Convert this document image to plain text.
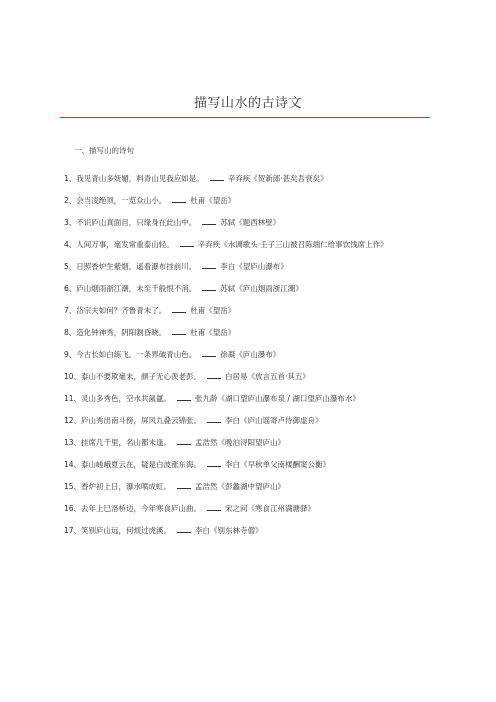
描写山水的古诗文
一、描写山的诗句
1、我见青山多妩媚，料青山见我应如是。	辛弃疾《贺新郎·甚矣吾衰矣》
2、会当凌绝顶，一览众山小。	杜甫《望岳》
3、不识庐山真面目，只缘身在此山中。	苏轼《题西林壁》
4、人间万事，毫发常重泰山轻。	辛弃疾《水调歌头·壬子三山被召陈端仁给事饮饯席上作》
5、日照香炉生紫烟，遥看瀑布挂前川。	李白《望庐山瀑布》
6、庐山烟雨浙江潮，未至千般恨不消。	苏轼《庐山烟雨浙江潮》
7、岱宗夫如何？齐鲁青未了。	杜甫《望岳》
8、造化钟神秀，阴阳割昏晓。	杜甫《望岳》
9、今古长如白练飞，一条界破青山色。	徐凝《庐山瀑布》
10、泰山不要欺毫末，颜子无心羡老彭。	白居易《放言五首·其五》
11、灵山多秀色，空水共氤氲。	张九龄《湖口望庐山瀑布泉 / 湖口望庐山瀑布水》
12、庐山秀出南斗傍，屏风九叠云锦张。	李白《庐山谣寄卢侍御虚舟》
13、挂席几千里，名山都未逢。	孟浩然《晚泊浔阳望庐山》
14、泰山嵯峨夏云在，疑是白波涨东海。	李白《早秋单父南楼酬窦公衡》
15、香炉初上日，瀑水喷成虹。	孟浩然《彭蠡湖中望庐山》
16、去年上巳洛桥边，今年寒食庐山曲。	宋之问《寒食江州满塘驿》
17、笑别庐山远，何烦过虎溪。	李白《别东林寺僧》
